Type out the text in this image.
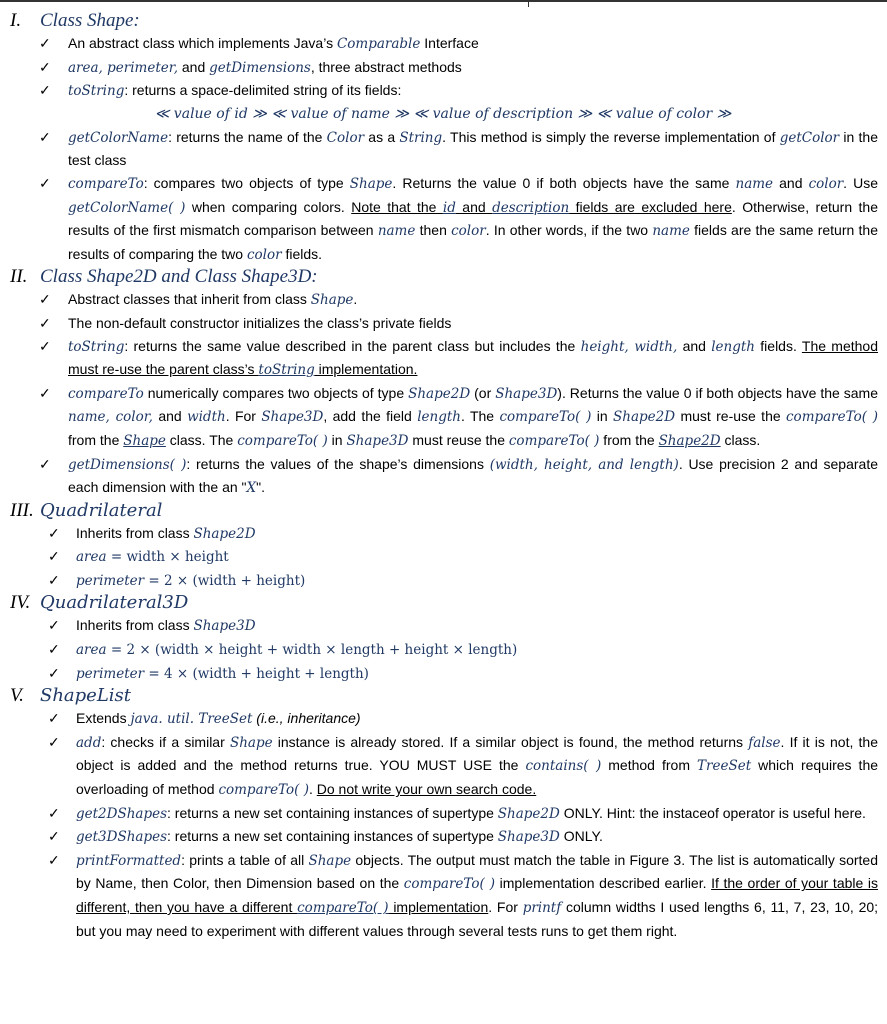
I. Class Shape:
✓ An abstract class which implements Java’s Comparable Interface
✓ area, perimeter, and getDimensions, three abstract methods
✓ toString: returns a space-delimited string of its fields:
≪ value of id ≫ ≪ value of name ≫ ≪ value of description ≫ ≪ value of color ≫
✓ getColorName: returns the name of the Color as a String. This method is simply the reverse implementation of getColor in the test class
✓ compareTo: compares two objects of type Shape. Returns the value 0 if both objects have the same name and color. Use getColorName( ) when comparing colors. Note that the id and description fields are excluded here. Otherwise, return the results of the first mismatch comparison between name then color. In other words, if the two name fields are the same return the results of comparing the two color fields.
II. Class Shape2D and Class Shape3D:
✓ Abstract classes that inherit from class Shape.
✓ The non-default constructor initializes the class’s private fields
✓ toString: returns the same value described in the parent class but includes the height, width, and length fields. The method must re-use the parent class’s toString implementation.
✓ compareTo numerically compares two objects of type Shape2D (or Shape3D). Returns the value 0 if both objects have the same name, color, and width. For Shape3D, add the field length. The compareTo( ) in Shape2D must re-use the compareTo( ) from the Shape class. The compareTo( ) in Shape3D must reuse the compareTo( ) from the Shape2D class.
✓ getDimensions( ): returns the values of the shape’s dimensions (width, height, and length). Use precision 2 and separate each dimension with the an "X".
III. Quadrilateral
✓ Inherits from class Shape2D
✓ area = width × height
✓ perimeter = 2 × (width + height)
IV. Quadrilateral3D
✓ Inherits from class Shape3D
✓ area = 2 × (width × height + width × length + height × length)
✓ perimeter = 4 × (width + height + length)
V. ShapeList
✓ Extends java. util. TreeSet (i.e., inheritance)
✓ add: checks if a similar Shape instance is already stored. If a similar object is found, the method returns false. If it is not, the object is added and the method returns true. YOU MUST USE the contains( ) method from TreeSet which requires the overloading of method compareTo( ). Do not write your own search code.
✓ get2DShapes: returns a new set containing instances of supertype Shape2D ONLY. Hint: the instaceof operator is useful here.
✓ get3DShapes: returns a new set containing instances of supertype Shape3D ONLY.
✓ printFormatted: prints a table of all Shape objects. The output must match the table in Figure 3. The list is automatically sorted by Name, then Color, then Dimension based on the compareTo( ) implementation described earlier. If the order of your table is different, then you have a different compareTo( ) implementation. For printf column widths I used lengths 6, 11, 7, 23, 10, 20; but you may need to experiment with different values through several tests runs to get them right.
